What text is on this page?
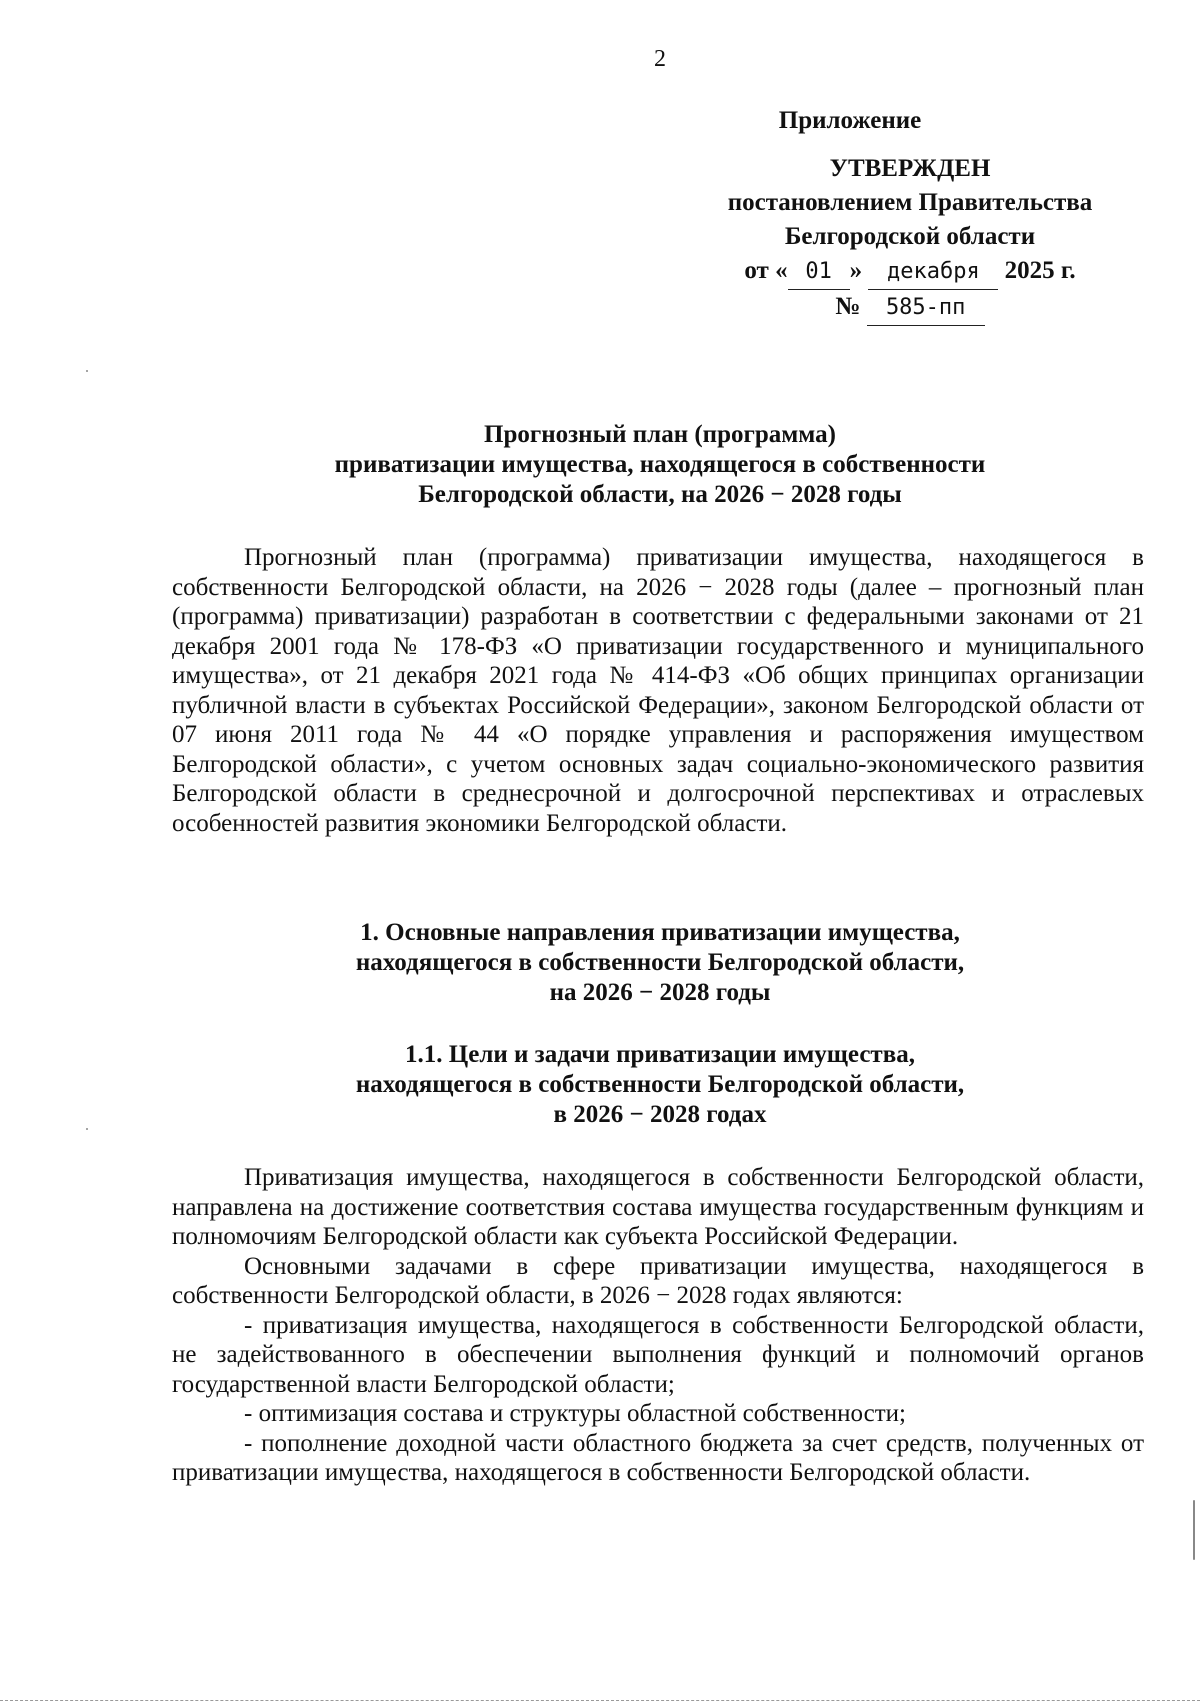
2
Приложение
УТВЕРЖДЕН
постановлением Правительства
Белгородской области
от « 01 » декабря 2025 г.
№ 585-пп
Прогнозный план (программа)
приватизации имущества, находящегося в собственности
Белгородской области, на 2026 − 2028 годы

Прогнозный план (программа) приватизации имущества, находящегося в собственности Белгородской области, на 2026 − 2028 годы (далее – прогнозный план (программа) приватизации) разработан в соответствии с федеральными законами от 21 декабря 2001 года № 178-ФЗ «О приватизации государственного и муниципального имущества», от 21 декабря 2021 года № 414-ФЗ «Об общих принципах организации публичной власти в субъектах Российской Федерации», законом Белгородской области от 07 июня 2011 года № 44 «О порядке управления и распоряжения имуществом Белгородской области», с учетом основных задач социально-экономического развития Белгородской области в среднесрочной и долгосрочной перспективах и отраслевых особенностей развития экономики Белгородской области.

1. Основные направления приватизации имущества,
находящегося в собственности Белгородской области,
на 2026 − 2028 годы
1.1. Цели и задачи приватизации имущества,
находящегося в собственности Белгородской области,
в 2026 − 2028 годах

Приватизация имущества, находящегося в собственности Белгородской области, направлена на достижение соответствия состава имущества государственным функциям и полномочиям Белгородской области как субъекта Российской Федерации.

Основными задачами в сфере приватизации имущества, находящегося в собственности Белгородской области, в 2026 − 2028 годах являются:

- приватизация имущества, находящегося в собственности Белгородской области, не задействованного в обеспечении выполнения функций и полномочий органов государственной власти Белгородской области;

- оптимизация состава и структуры областной собственности;

- пополнение доходной части областного бюджета за счет средств, полученных от приватизации имущества, находящегося в собственности Белгородской области.
